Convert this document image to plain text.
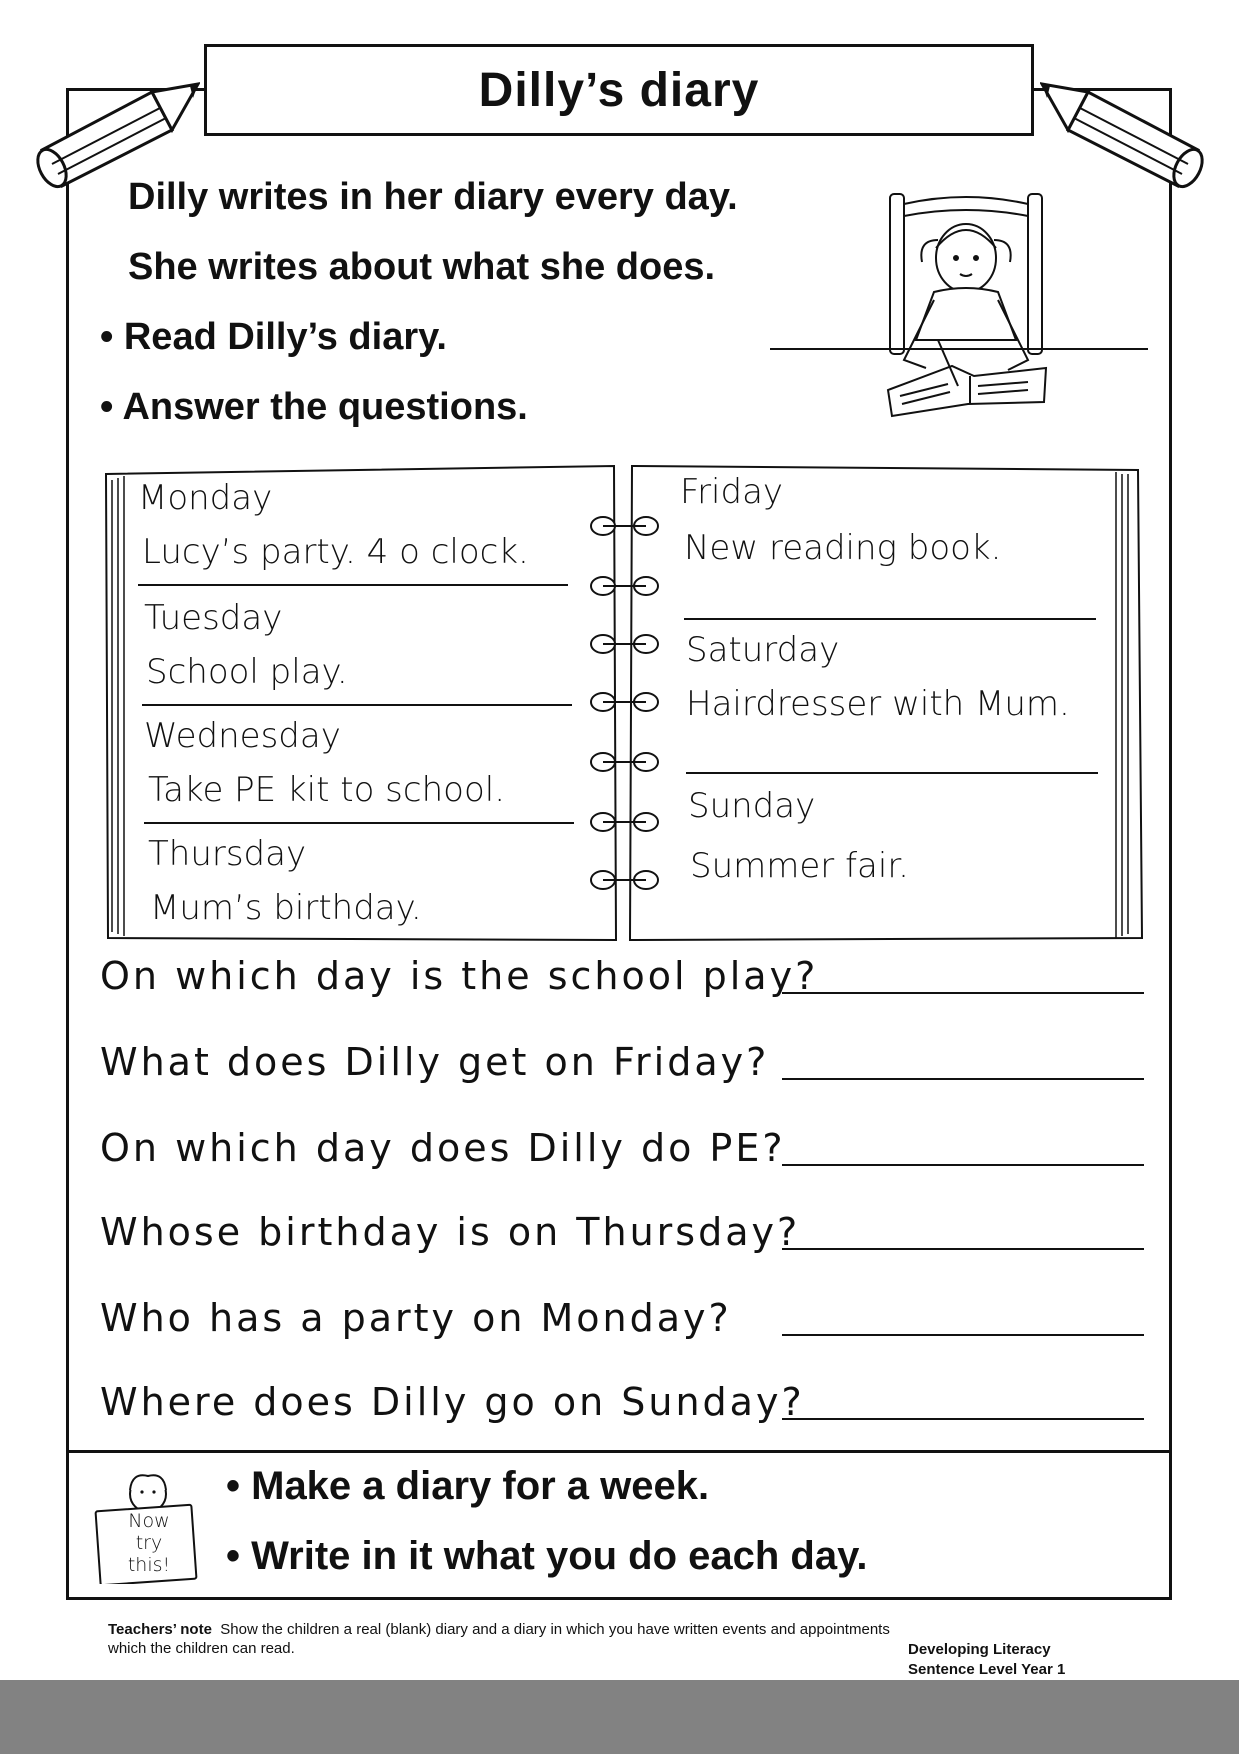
Dilly’s diary
Dilly writes in her diary every day.
She writes about what she does.
• Read Dilly’s diary.
• Answer the questions.
Monday
Lucy’s party. 4 o clock.
Tuesday
School play.
Wednesday
Take PE kit to school.
Thursday
Mum’s birthday.
Friday
New reading book.
Saturday
Hairdresser with Mum.
Sunday
Summer fair.
On which day is the school play?
What does Dilly get on Friday?
On which day does Dilly do PE?
Whose birthday is on Thursday?
Who has a party on Monday?
Where does Dilly go on Sunday?
Now
try
this!
• Make a diary for a week.
• Write in it what you do each day.
Teachers’ note Show the children a real (blank) diary and a diary in which you have written events and appointments which the children can read.	Developing Literacy
Sentence Level Year 1
